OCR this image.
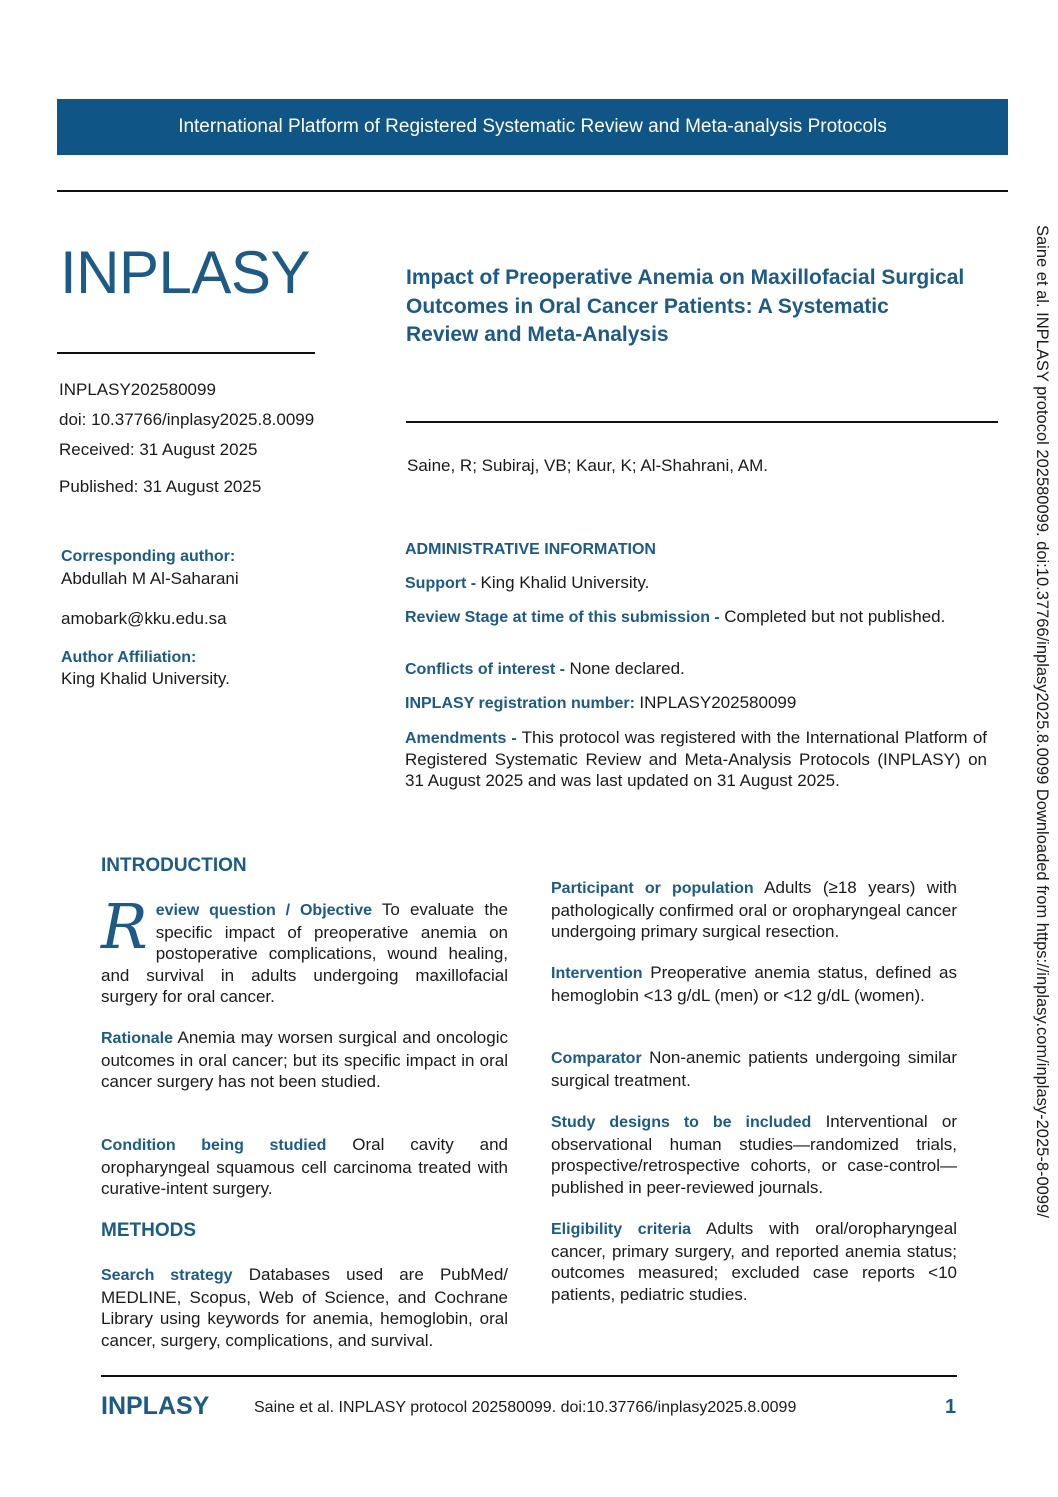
International Platform of Registered Systematic Review and Meta-analysis Protocols
INPLASY	Impact of Preoperative Anemia on Maxillofacial Surgical Outcomes in Oral Cancer Patients: A Systematic Review and Meta-Analysis
INPLASY202580099
doi: 10.37766/inplasy2025.8.0099
Received: 31 August 2025
Published: 31 August 2025
Saine, R; Subiraj, VB; Kaur, K; Al-Shahrani, AM.
Corresponding author:
Abdullah M Al-Saharani
amobark@kku.edu.sa
Author Affiliation:
King Khalid University.
ADMINISTRATIVE INFORMATION
Support - King Khalid University.
Review Stage at time of this submission - Completed but not published.
Conflicts of interest - None declared.
INPLASY registration number: INPLASY202580099
Amendments - This protocol was registered with the International Platform of Registered Systematic Review and Meta-Analysis Protocols (INPLASY) on 31 August 2025 and was last updated on 31 August 2025.
INTRODUCTION
Review question / Objective To evaluate the specific impact of preoperative anemia on postoperative complications, wound healing, and survival in adults undergoing maxillofacial surgery for oral cancer.
Rationale Anemia may worsen surgical and oncologic outcomes in oral cancer; but its specific impact in oral cancer surgery has not been studied.
Condition being studied Oral cavity and oropharyngeal squamous cell carcinoma treated with curative-intent surgery.
METHODS
Search strategy Databases used are PubMed/ MEDLINE, Scopus, Web of Science, and Cochrane Library using keywords for anemia, hemoglobin, oral cancer, surgery, complications, and survival.
Participant or population Adults (≥18 years) with pathologically confirmed oral or oropharyngeal cancer undergoing primary surgical resection.
Intervention Preoperative anemia status, defined as hemoglobin <13 g/dL (men) or <12 g/dL (women).
Comparator Non-anemic patients undergoing similar surgical treatment.
Study designs to be included Interventional or observational human studies—randomized trials, prospective/retrospective cohorts, or case-control—published in peer-reviewed journals.
Eligibility criteria Adults with oral/oropharyngeal cancer, primary surgery, and reported anemia status; outcomes measured; excluded case reports <10 patients, pediatric studies.
Saine et al. INPLASY protocol 202580099. doi:10.37766/inplasy2025.8.0099 Downloaded from https://inplasy.com/inplasy-2025-8-0099/
INPLASY	Saine et al. INPLASY protocol 202580099. doi:10.37766/inplasy2025.8.0099	1
